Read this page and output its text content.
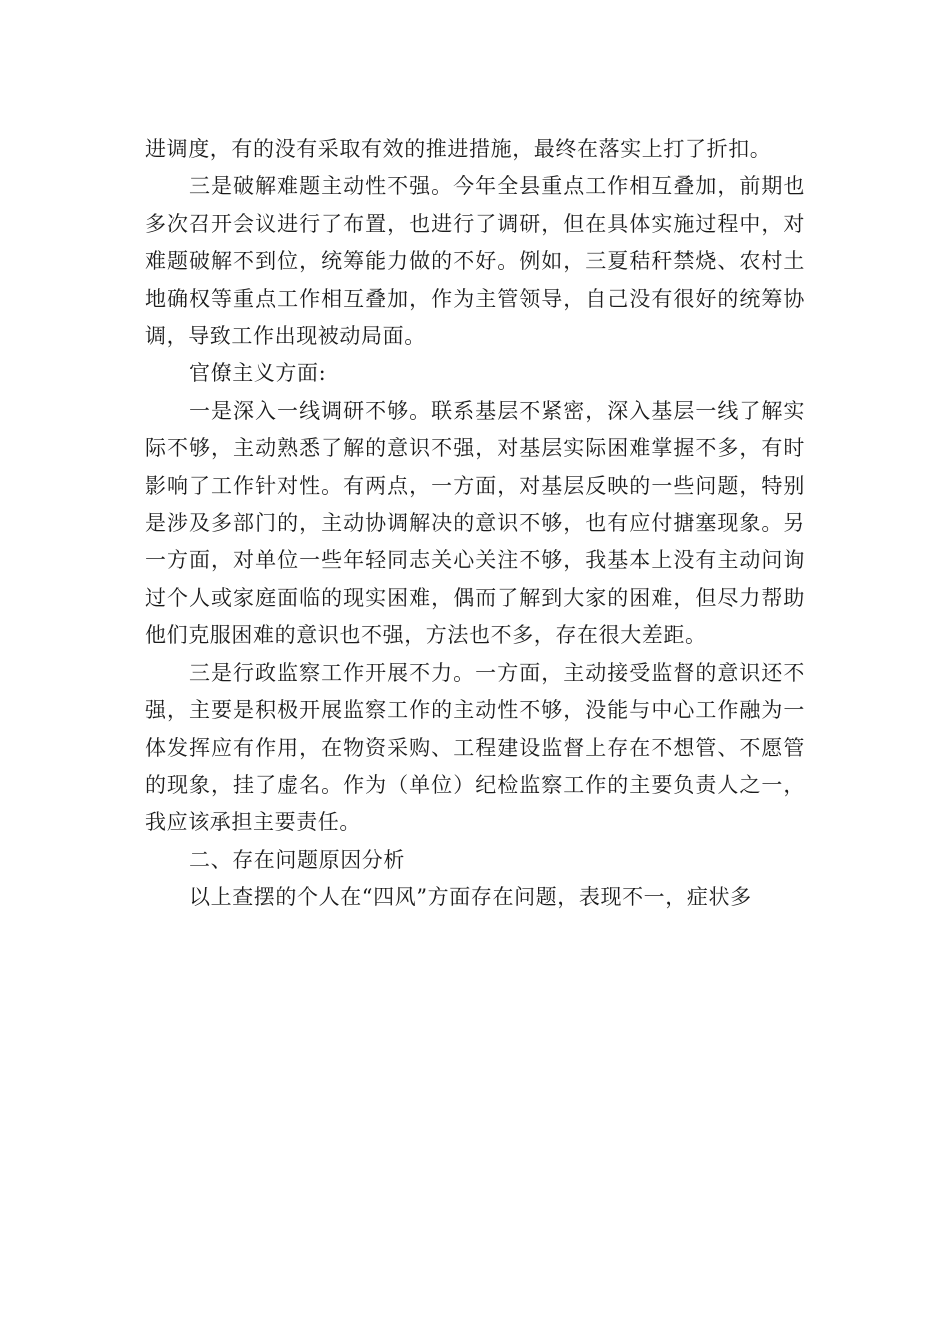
进调度，有的没有采取有效的推进措施，最终在落实上打了折扣。

三是破解难题主动性不强。今年全县重点工作相互叠加，前期也多次召开会议进行了布置，也进行了调研，但在具体实施过程中，对难题破解不到位，统筹能力做的不好。例如，三夏秸秆禁烧、农村土地确权等重点工作相互叠加，作为主管领导，自己没有很好的统筹协调，导致工作出现被动局面。

官僚主义方面:

一是深入一线调研不够。联系基层不紧密，深入基层一线了解实际不够，主动熟悉了解的意识不强，对基层实际困难掌握不多，有时影响了工作针对性。有两点，一方面，对基层反映的一些问题，特别是涉及多部门的，主动协调解决的意识不够，也有应付搪塞现象。另一方面，对单位一些年轻同志关心关注不够，我基本上没有主动问询过个人或家庭面临的现实困难，偶而了解到大家的困难，但尽力帮助他们克服困难的意识也不强，方法也不多，存在很大差距。

三是行政监察工作开展不力。一方面，主动接受监督的意识还不强，主要是积极开展监察工作的主动性不够，没能与中心工作融为一体发挥应有作用，在物资采购、工程建设监督上存在不想管、不愿管的现象，挂了虚名。作为（单位）纪检监察工作的主要负责人之一，我应该承担主要责任。

二、存在问题原因分析

以上查摆的个人在“四风”方面存在问题，表现不一，症状多
